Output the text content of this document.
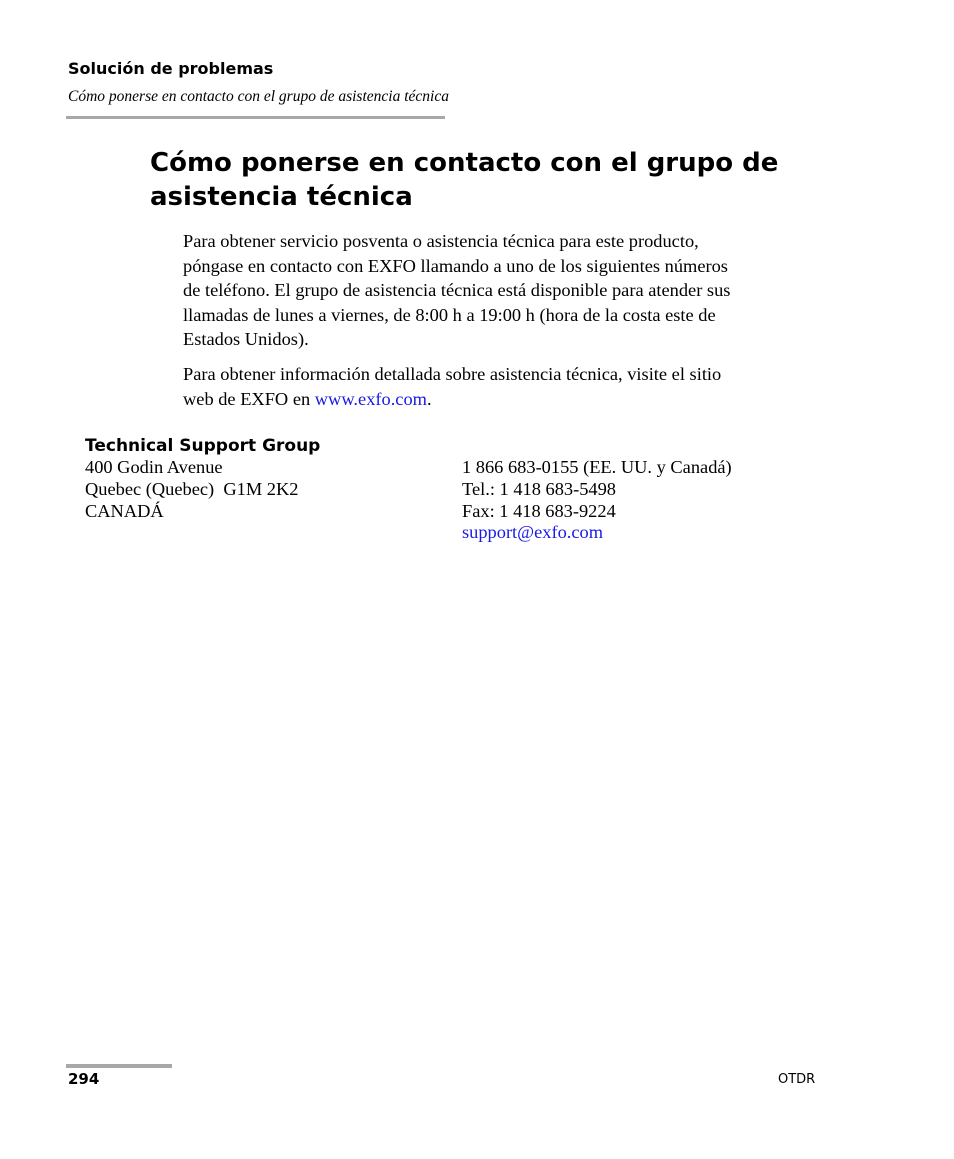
Solución de problemas
Cómo ponerse en contacto con el grupo de asistencia técnica
Cómo ponerse en contacto con el grupo de
asistencia técnica
Para obtener servicio posventa o asistencia técnica para este producto,
póngase en contacto con EXFO llamando a uno de los siguientes números
de teléfono. El grupo de asistencia técnica está disponible para atender sus
llamadas de lunes a viernes, de 8:00 h a 19:00 h (hora de la costa este de
Estados Unidos).
Para obtener información detallada sobre asistencia técnica, visite el sitio
web de EXFO en www.exfo.com.
Technical Support Group
400 Godin Avenue
Quebec (Quebec)  G1M 2K2
CANADÁ
1 866 683-0155 (EE. UU. y Canadá)
Tel.: 1 418 683-5498
Fax: 1 418 683-9224
support@exfo.com
294	OTDR
